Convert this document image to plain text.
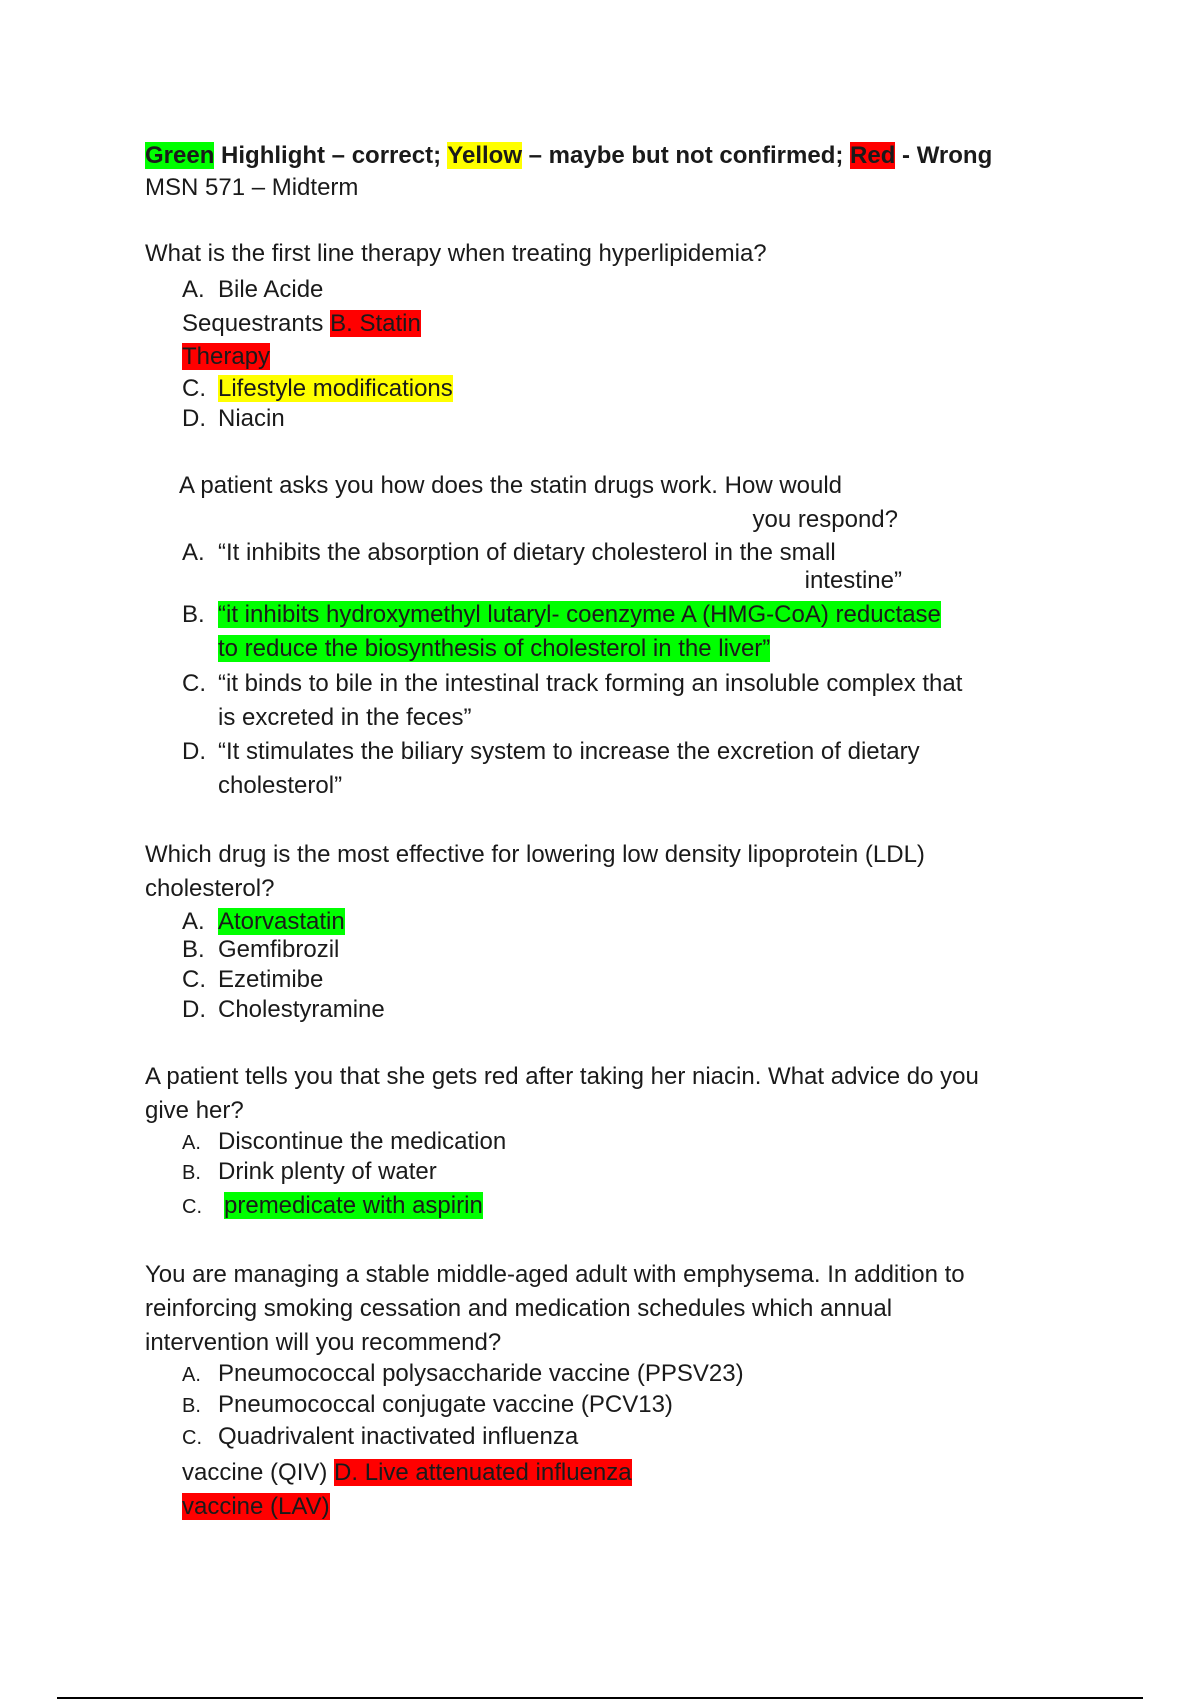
Green Highlight – correct; Yellow – maybe but not confirmed; Red - Wrong
MSN 571 – Midterm
What is the first line therapy when treating hyperlipidemia?
A. Bile Acide
Sequestrants B. Statin
Therapy
C. Lifestyle modifications
D. Niacin
A patient asks you how does the statin drugs work. How would
you respond?
A. “It inhibits the absorption of dietary cholesterol in the small
intestine”
B. “it inhibits hydroxymethyl lutaryl- coenzyme A (HMG-CoA) reductase
to reduce the biosynthesis of cholesterol in the liver”
C. “it binds to bile in the intestinal track forming an insoluble complex that
is excreted in the feces”
D. “It stimulates the biliary system to increase the excretion of dietary
cholesterol”
Which drug is the most effective for lowering low density lipoprotein (LDL)
cholesterol?
A. Atorvastatin
B. Gemfibrozil
C. Ezetimibe
D. Cholestyramine
A patient tells you that she gets red after taking her niacin. What advice do you
give her?
A. Discontinue the medication
B. Drink plenty of water
C. premedicate with aspirin
You are managing a stable middle-aged adult with emphysema. In addition to
reinforcing smoking cessation and medication schedules which annual
intervention will you recommend?
A. Pneumococcal polysaccharide vaccine (PPSV23)
B. Pneumococcal conjugate vaccine (PCV13)
C. Quadrivalent inactivated influenza
vaccine (QIV) D. Live attenuated influenza
vaccine (LAV)
